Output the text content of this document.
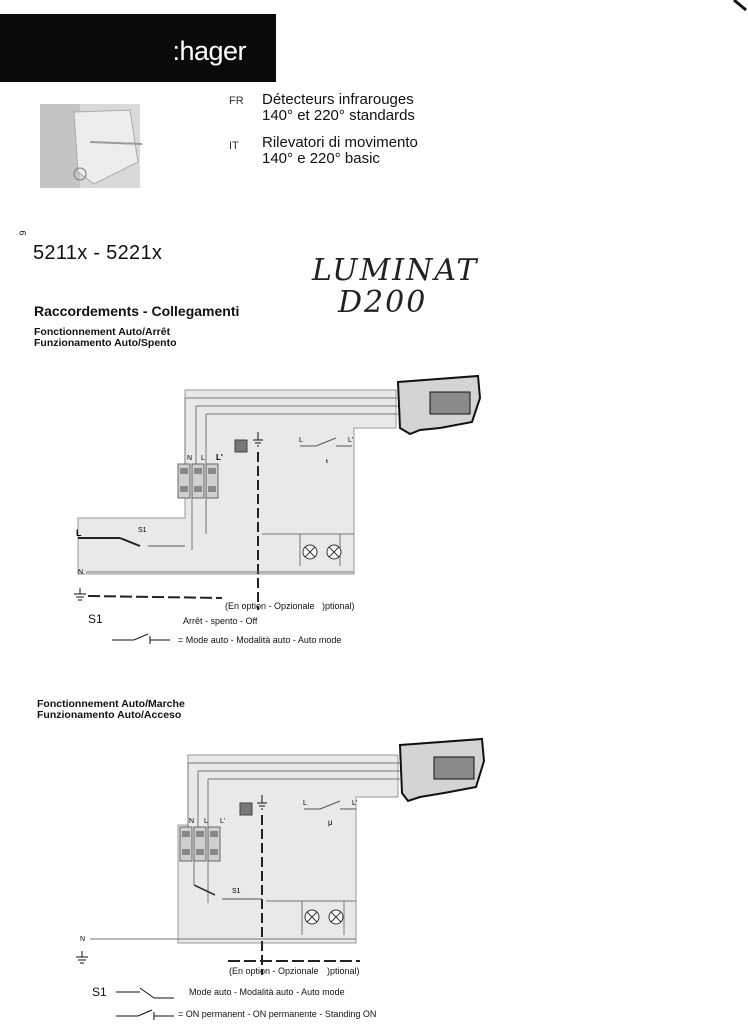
:hager
FR Détecteurs infrarouges
140° et 220° standards
IT Rilevatori di movimento
140° e 220° basic
6
5211x - 5221x	LUMINAT
D200
Raccordements - Collegamenti
Fonctionnement Auto/Arrêt
Funzionamento Auto/Spento
N L L'
L	L'
ᵗ
L	S1
N
(En option - Opzionale )ptional)
S1	Arrêt - spento - Off
= Mode auto - Modalità auto - Auto mode
Fonctionnement Auto/Marche
Funzionamento Auto/Acceso
N L L'
L	L'
μ
S1
N
(En option - Opzionale )ptional)
S1	Mode auto - Modalità auto - Auto mode
= ON permanent - ON permanente - Standing ON
